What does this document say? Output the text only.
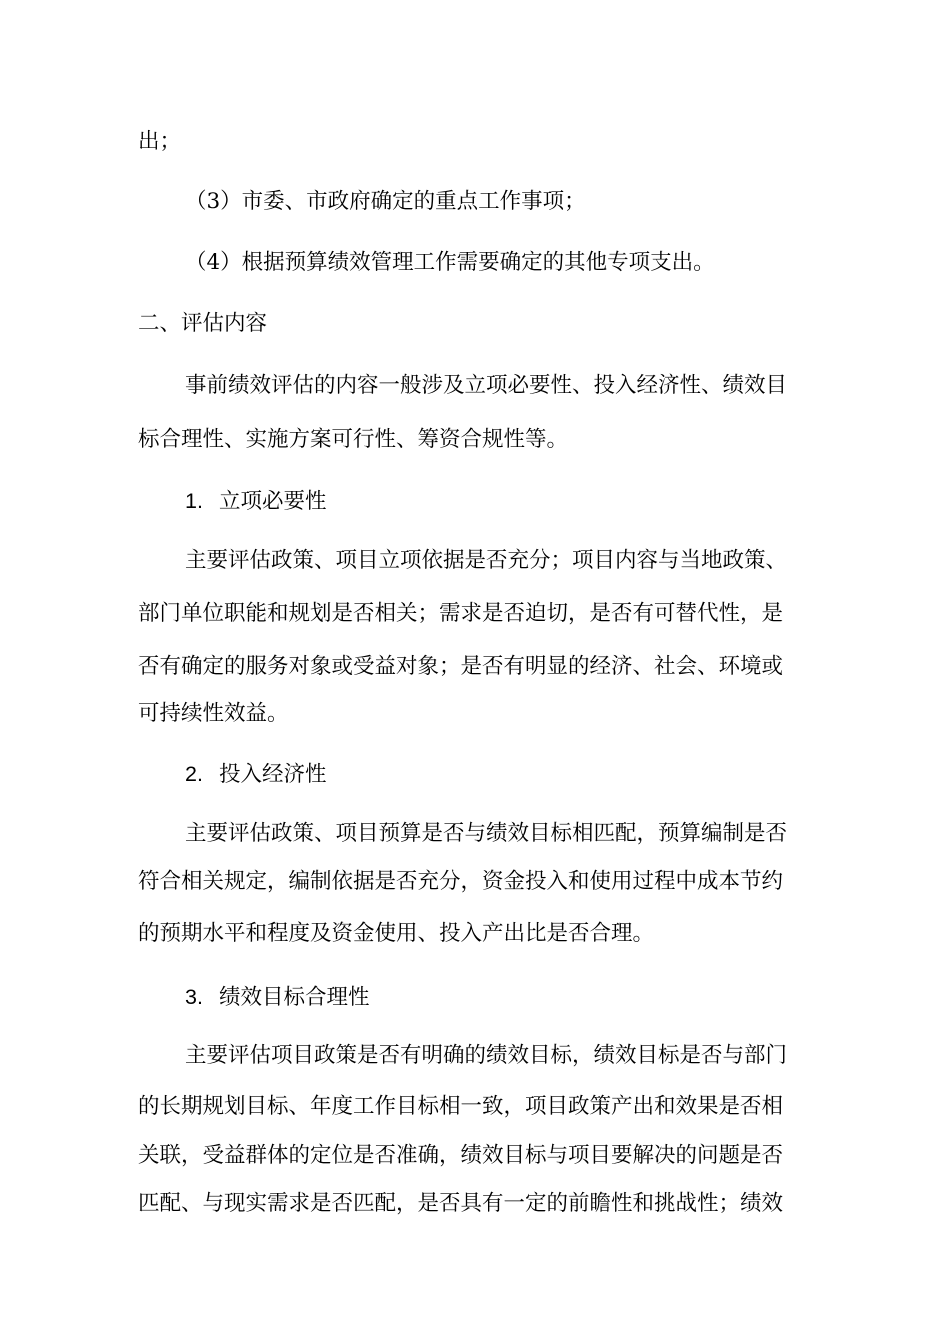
出；
（3）市委、市政府确定的重点工作事项；
（4）根据预算绩效管理工作需要确定的其他专项支出。
二、评估内容
事前绩效评估的内容一般涉及立项必要性、投入经济性、绩效目
标合理性、实施方案可行性、筹资合规性等。
1. 立项必要性
主要评估政策、项目立项依据是否充分；项目内容与当地政策、
部门单位职能和规划是否相关；需求是否迫切，是否有可替代性，是
否有确定的服务对象或受益对象；是否有明显的经济、社会、环境或
可持续性效益。
2. 投入经济性
主要评估政策、项目预算是否与绩效目标相匹配，预算编制是否
符合相关规定，编制依据是否充分，资金投入和使用过程中成本节约
的预期水平和程度及资金使用、投入产出比是否合理。
3. 绩效目标合理性
主要评估项目政策是否有明确的绩效目标，绩效目标是否与部门
的长期规划目标、年度工作目标相一致，项目政策产出和效果是否相
关联，受益群体的定位是否准确，绩效目标与项目要解决的问题是否
匹配、与现实需求是否匹配，是否具有一定的前瞻性和挑战性；绩效
